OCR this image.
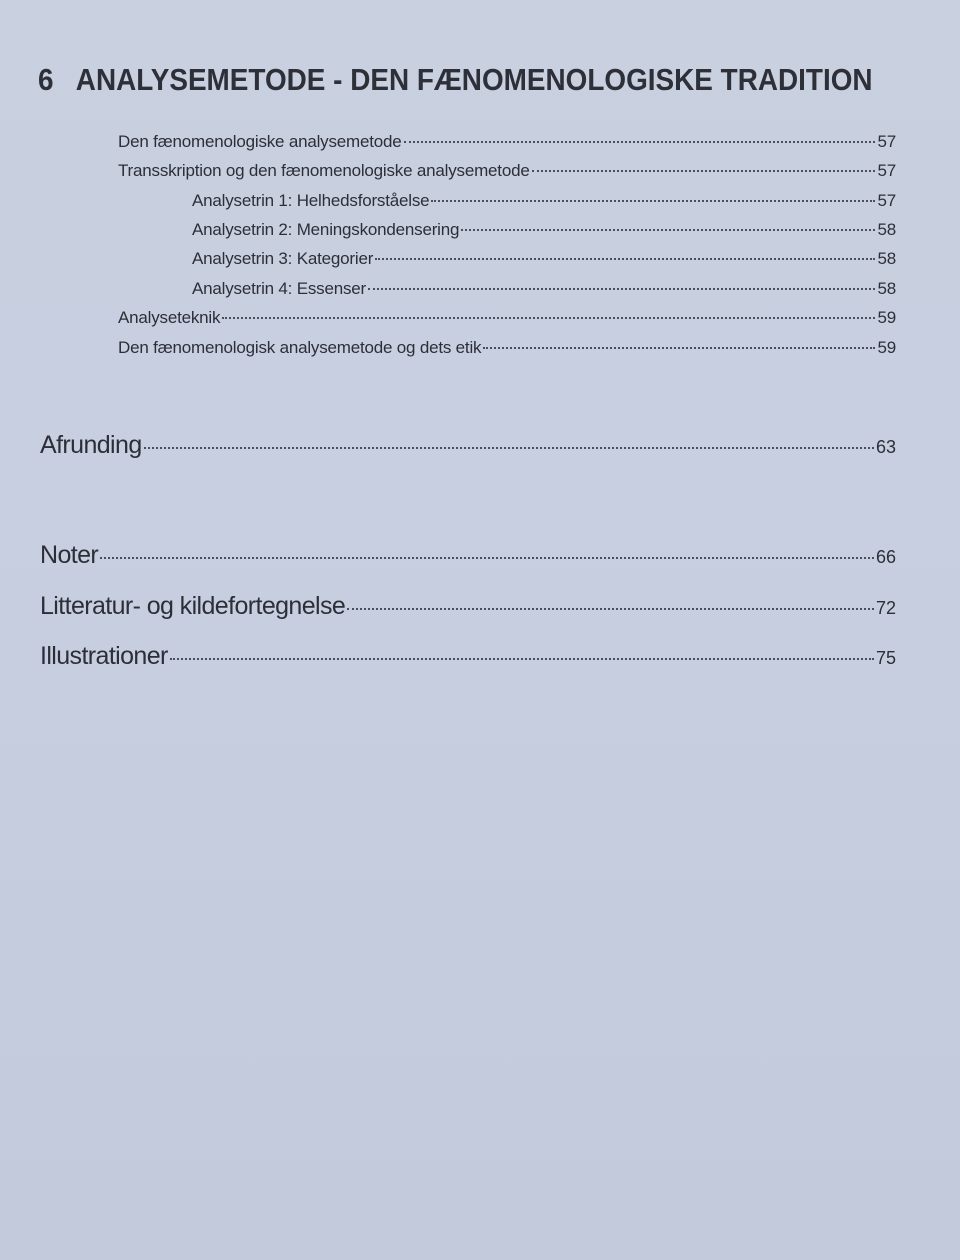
6 ANALYSEMETODE - DEN FÆNOMENOLOGISKE TRADITION
Den fænomenologiske analysemetode	57
Transskription og den fænomenologiske analysemetode	57
Analysetrin 1: Helhedsforståelse	57
Analysetrin 2: Meningskondensering	58
Analysetrin 3: Kategorier	58
Analysetrin 4: Essenser	58
Analyseteknik	59
Den fænomenologisk analysemetode og dets etik	59
Afrunding	63
Noter	66
Litteratur- og kildefortegnelse	72
Illustrationer	75
